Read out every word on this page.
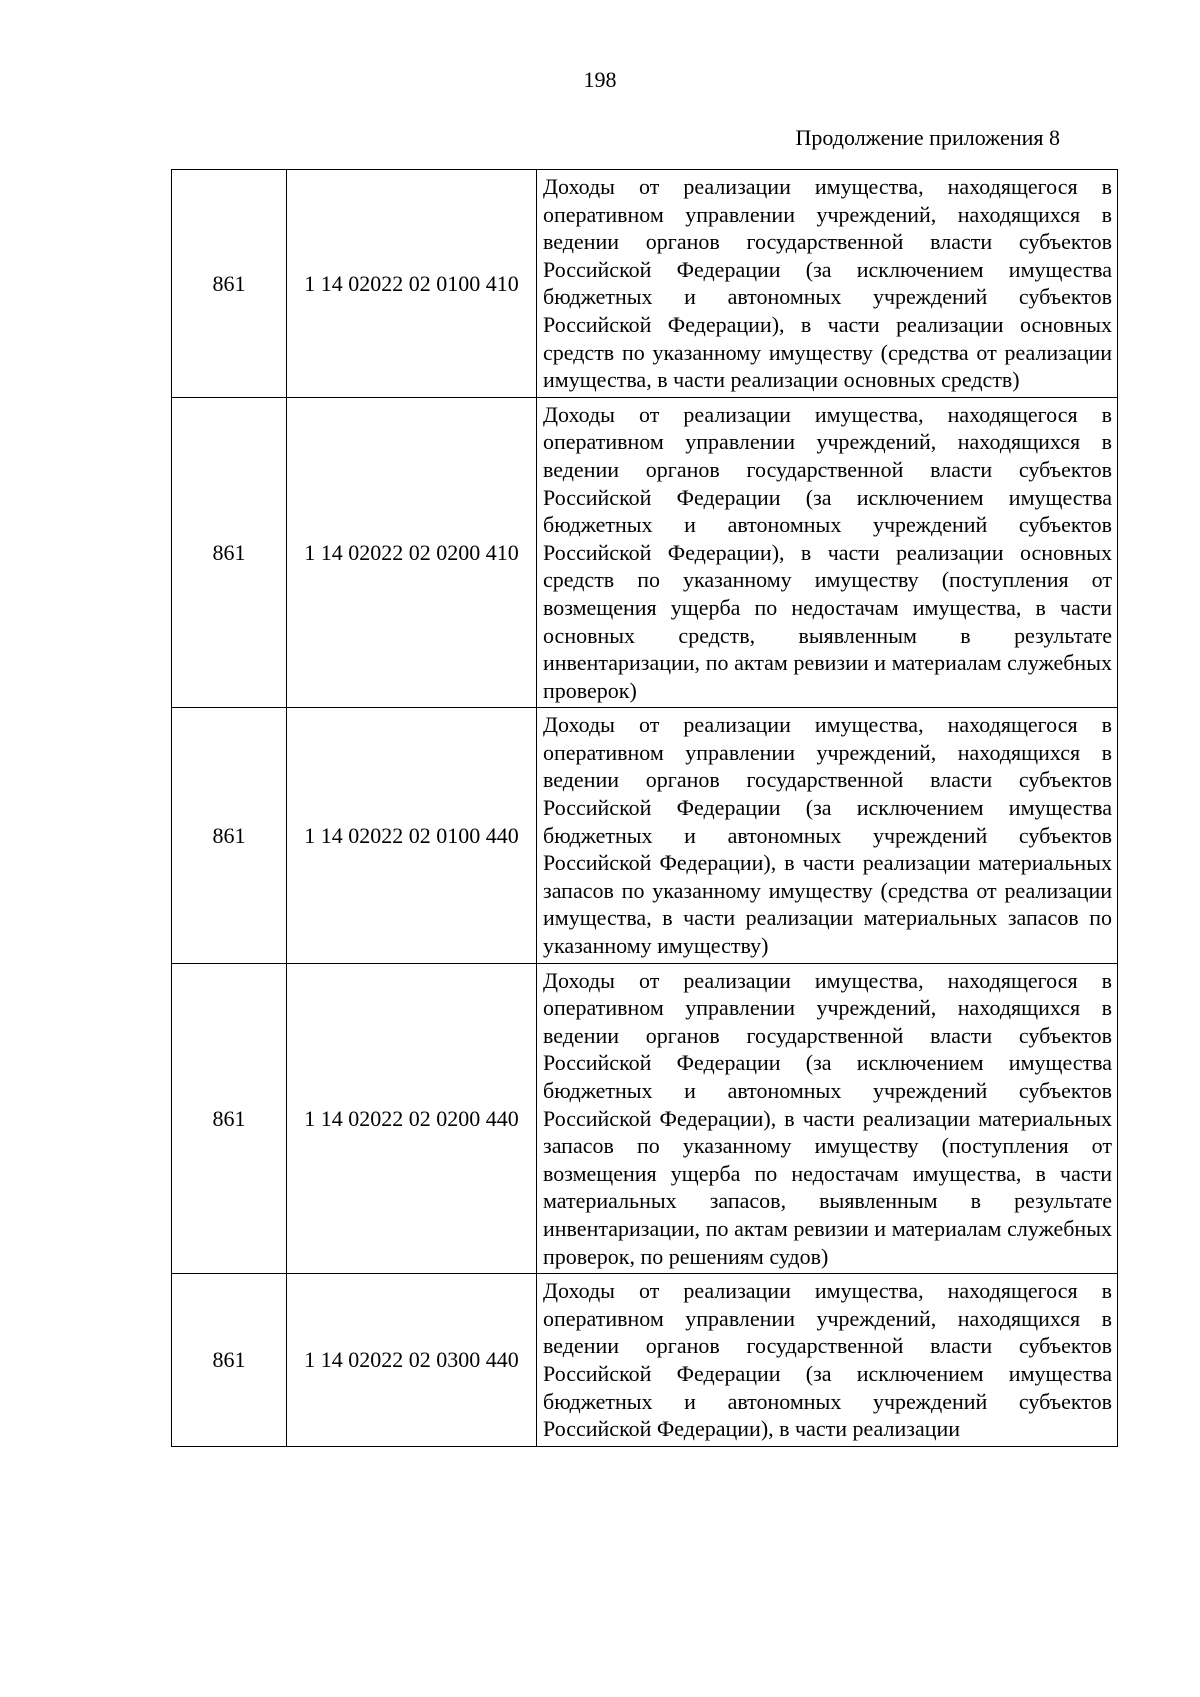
198
Продолжение приложения 8
861	1 14 02022 02 0100 410	Доходы от реализации имущества, находящегося в оперативном управлении учреждений, находящихся в ведении органов государственной власти субъектов Российской Федерации (за исключением имущества бюджетных и автономных учреждений субъектов Российской Федерации), в части реализации основных средств по указанному имуществу (средства от реализации имущества, в части реализации основных средств)
861	1 14 02022 02 0200 410	Доходы от реализации имущества, находящегося в оперативном управлении учреждений, находящихся в ведении органов государственной власти субъектов Российской Федерации (за исключением имущества бюджетных и автономных учреждений субъектов Российской Федерации), в части реализации основных средств по указанному имуществу (поступления от возмещения ущерба по недостачам имущества, в части основных средств, выявленным в результате инвентаризации, по актам ревизии и материалам служебных проверок)
861	1 14 02022 02 0100 440	Доходы от реализации имущества, находящегося в оперативном управлении учреждений, находящихся в ведении органов государственной власти субъектов Российской Федерации (за исключением имущества бюджетных и автономных учреждений субъектов Российской Федерации), в части реализации материальных запасов по указанному имуществу (средства от реализации имущества, в части реализации материальных запасов по указанному имуществу)
861	1 14 02022 02 0200 440	Доходы от реализации имущества, находящегося в оперативном управлении учреждений, находящихся в ведении органов государственной власти субъектов Российской Федерации (за исключением имущества бюджетных и автономных учреждений субъектов Российской Федерации), в части реализации материальных запасов по указанному имуществу (поступления от возмещения ущерба по недостачам имущества, в части материальных запасов, выявленным в результате инвентаризации, по актам ревизии и материалам служебных проверок, по решениям судов)
861	1 14 02022 02 0300 440	Доходы от реализации имущества, находящегося в оперативном управлении учреждений, находящихся в ведении органов государственной власти субъектов Российской Федерации (за исключением имущества бюджетных и автономных учреждений субъектов Российской Федерации), в части реализации
